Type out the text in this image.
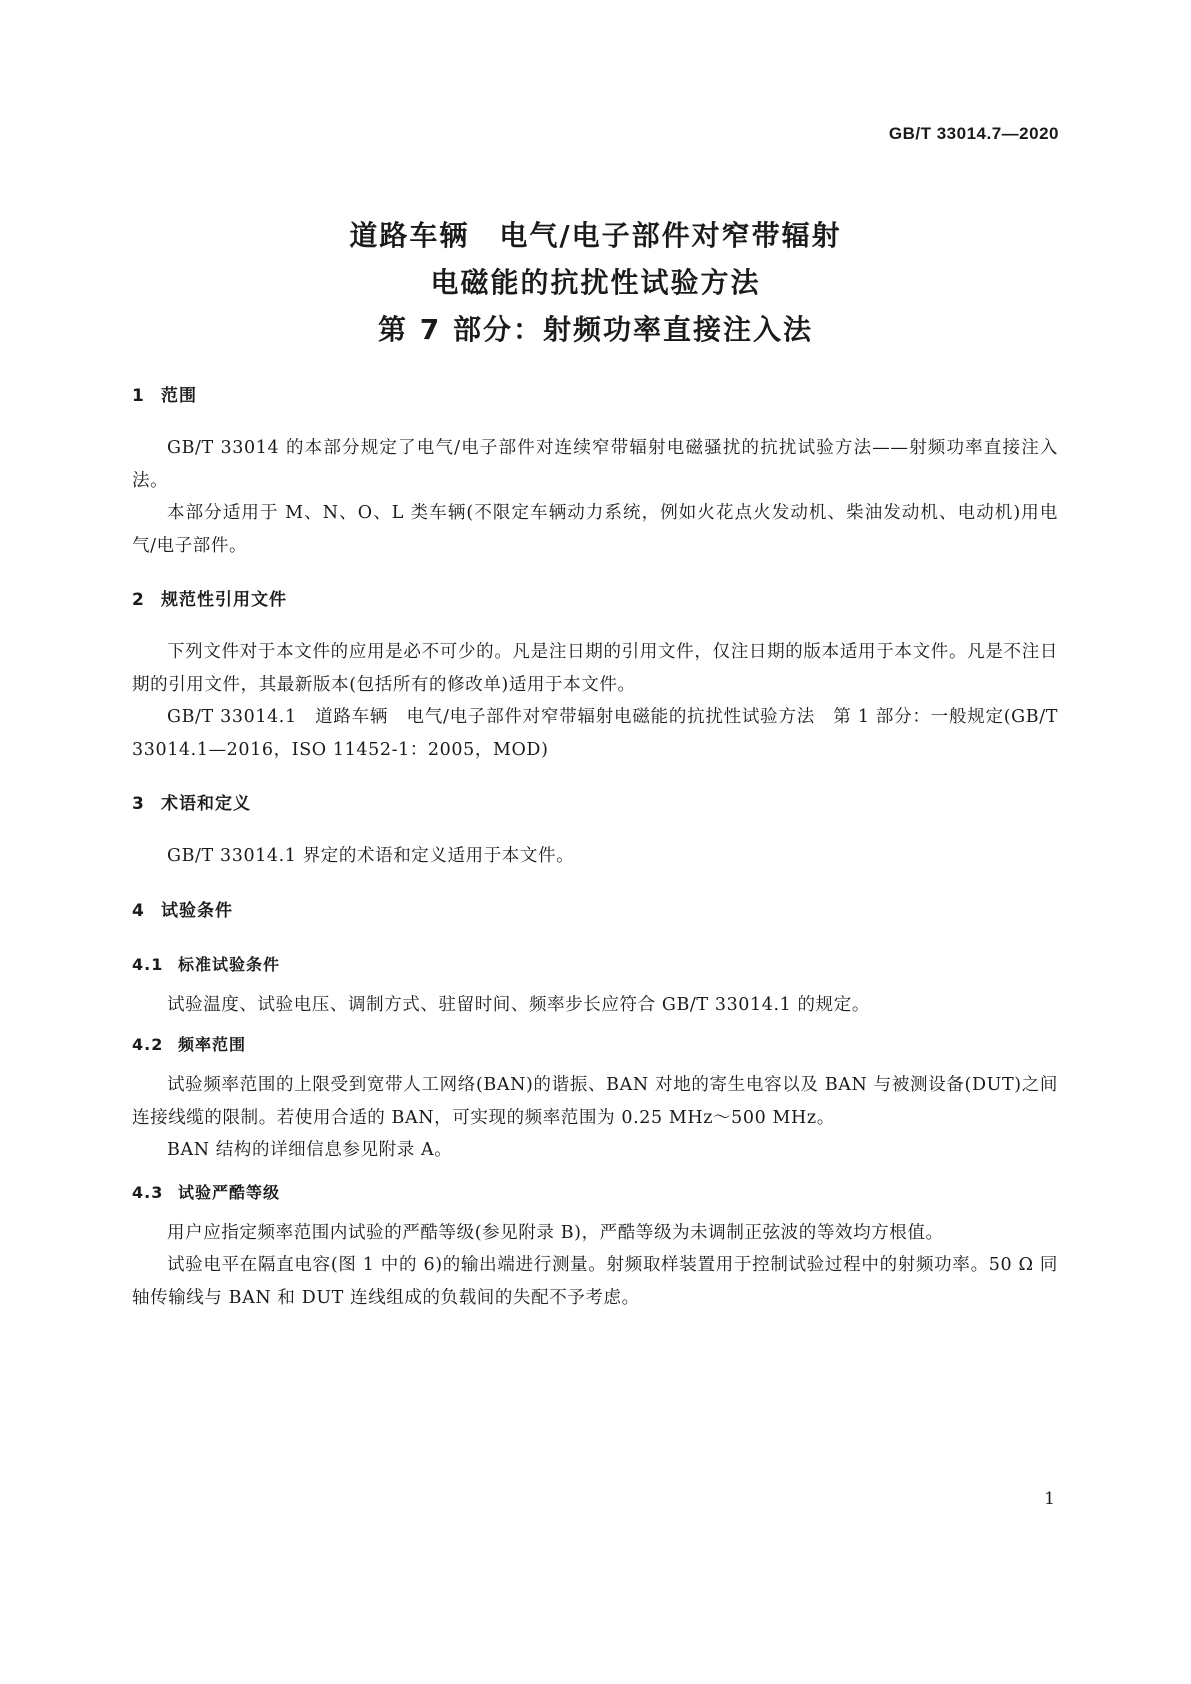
GB/T 33014.7—2020
道路车辆　电气/电子部件对窄带辐射
电磁能的抗扰性试验方法
第 7 部分：射频功率直接注入法
1 范围
GB/T 33014 的本部分规定了电气/电子部件对连续窄带辐射电磁骚扰的抗扰试验方法——射频功率直接注入法。
本部分适用于 M、N、O、L 类车辆(不限定车辆动力系统，例如火花点火发动机、柴油发动机、电动机)用电气/电子部件。
2 规范性引用文件
下列文件对于本文件的应用是必不可少的。凡是注日期的引用文件，仅注日期的版本适用于本文件。凡是不注日期的引用文件，其最新版本(包括所有的修改单)适用于本文件。
GB/T 33014.1　 道路车辆　电气/电子部件对窄带辐射电磁能的抗扰性试验方法　第 1 部分：一般规定(GB/T 33014.1—2016，ISO 11452-1：2005，MOD)
3 术语和定义
GB/T 33014.1 界定的术语和定义适用于本文件。
4 试验条件
4.1 标准试验条件
试验温度、试验电压、调制方式、驻留时间、频率步长应符合 GB/T 33014.1 的规定。
4.2 频率范围
试验频率范围的上限受到宽带人工网络(BAN)的谐振、BAN 对地的寄生电容以及 BAN 与被测设备(DUT)之间连接线缆的限制。若使用合适的 BAN，可实现的频率范围为 0.25 MHz～500 MHz。
BAN 结构的详细信息参见附录 A。
4.3 试验严酷等级
用户应指定频率范围内试验的严酷等级(参见附录 B)，严酷等级为未调制正弦波的等效均方根值。
试验电平在隔直电容(图 1 中的 6)的输出端进行测量。射频取样装置用于控制试验过程中的射频功率。50 Ω 同轴传输线与 BAN 和 DUT 连线组成的负载间的失配不予考虑。
1
